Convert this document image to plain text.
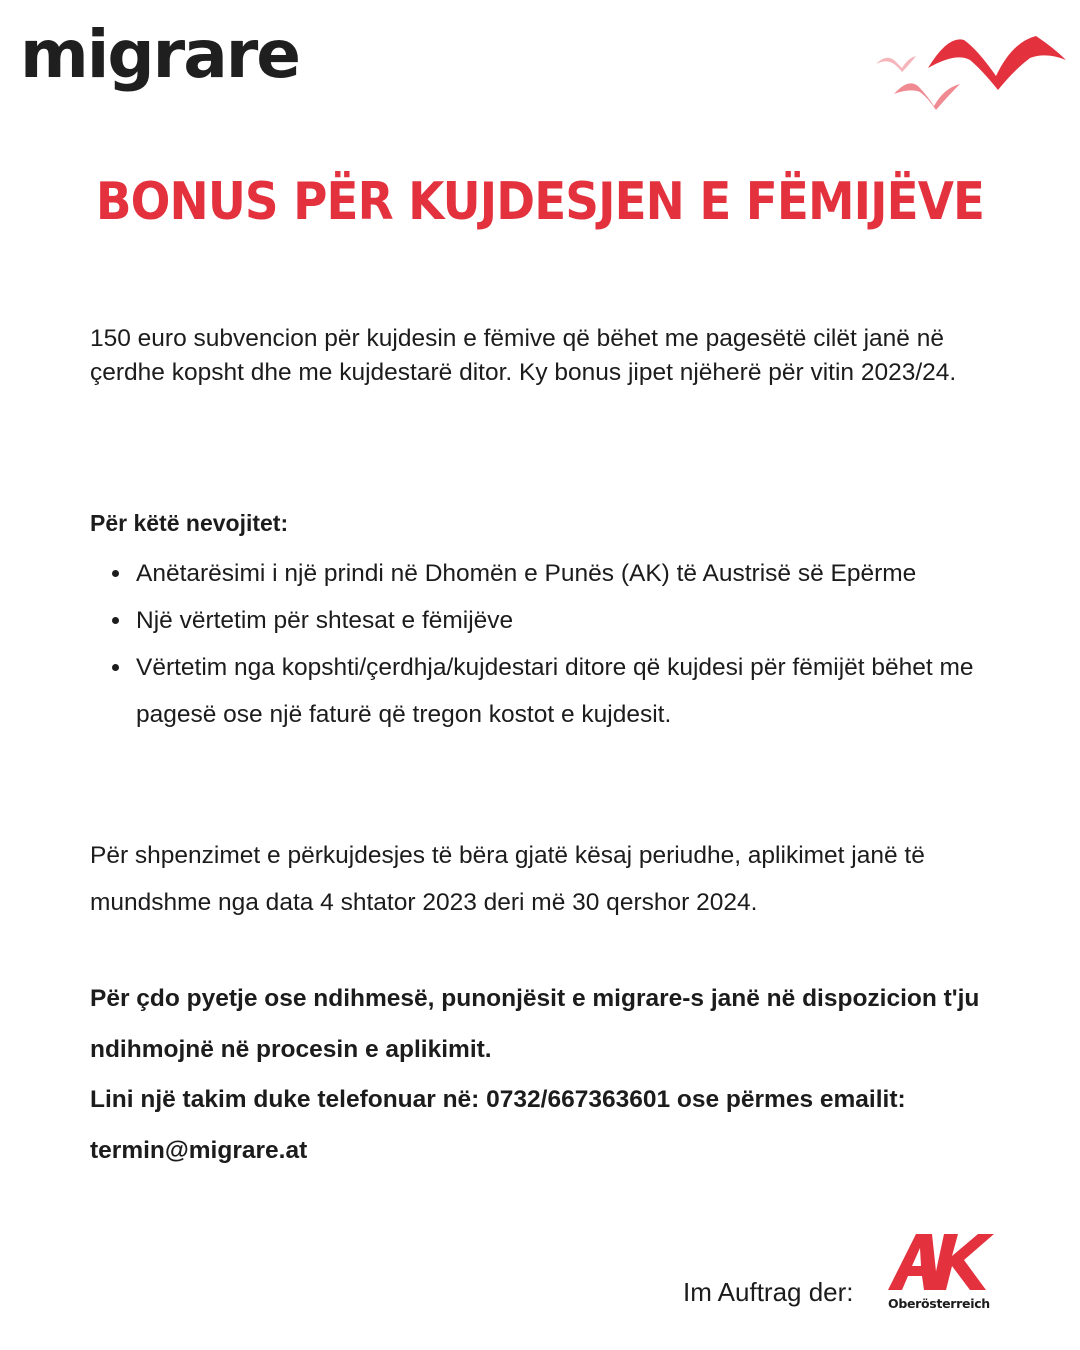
migrare
BONUS PËR KUJDESJEN E FËMIJËVE
150 euro subvencion për kujdesin e fëmive që bëhet me pagesëtë cilët janë në çerdhe kopsht dhe me kujdestarë ditor. Ky bonus jipet njëherë për vitin 2023/24.
Për këtë nevojitet:
Anëtarësimi i një prindi në Dhomën e Punës (AK) të Austrisë së Epërme
Një vërtetim për shtesat e fëmijëve
Vërtetim nga kopshti/çerdhja/kujdestari ditore që kujdesi për fëmijët bëhet me pagesë ose një faturë që tregon kostot e kujdesit.
Për shpenzimet e përkujdesjes të bëra gjatë kësaj periudhe, aplikimet janë të mundshme nga data 4 shtator 2023 deri më 30 qershor 2024.

Për çdo pyetje ose ndihmesë, punonjësit e migrare-s janë në dispozicion t'ju ndihmojnë në procesin e aplikimit.

Lini një takim duke telefonuar në: 0732/667363601 ose përmes emailit: termin@migrare.at

Im Auftrag der:
AK
Oberösterreich
